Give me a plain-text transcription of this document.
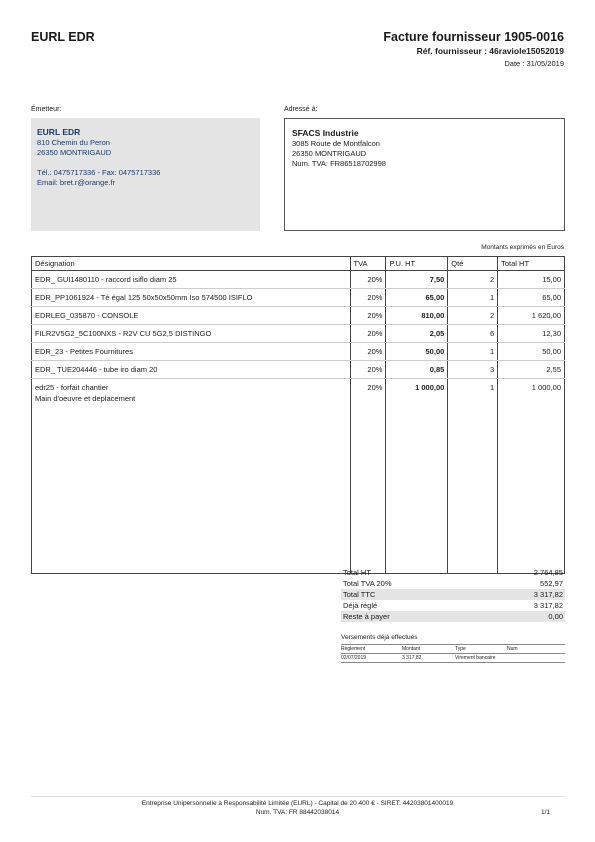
EURL EDR	Facture fournisseur 1905-0016
Réf. fournisseur : 46raviole15052019
Date : 31/05/2019
Émetteur:	Adressé à:
EURL EDR
810 Chemin du Peron
26350 MONTRIGAUD
Tél.: 0475717336 - Fax: 0475717336
Email: bret.r@orange.fr
SFACS Industrie
3085 Route de Montfalcon
26350 MONTRIGAUD
Num. TVA: FR86518702998
Montants exprimés en Euros
Désignation	TVA	P.U. HT	Qté	Total HT
EDR_ GUI1480110 - raccord isiflo diam 25	20%	7,50	2	15,00
EDR_PP1061924 - Té égal 125 50x50x50mm Iso 574500 ISIFLO	20%	65,00	1	65,00
EDRLEG_035870 - CONSOLE	20%	810,00	2	1 620,00
FILR2V5G2_5C100NXS - R2V CU 5G2,5 DISTINGO	20%	2,05	6	12,30
EDR_23 - Petites Fournitures	20%	50,00	1	50,00
EDR_ TUE204446 - tube iro diam 20	20%	0,85	3	2,55

edr25 - forfait chantier
Main d'oeuvre et deplacement	20%	1 000,00	1	1 000,00
Total HT	2 764,85
Total TVA 20%	552,97
Total TTC	3 317,82
Déjà réglé	3 317,82
Reste à payer	0,00
Versements déjà effectués
Règlement	Montant	Type	Num
02/07/2019	3 317,82	Virement bancaire
Entreprise Unipersonnelle à Responsabilité Limitée (EURL) - Capital de 20 400 € - SIRET: 44203801400019
Num. TVA: FR 88442038014	1/1
